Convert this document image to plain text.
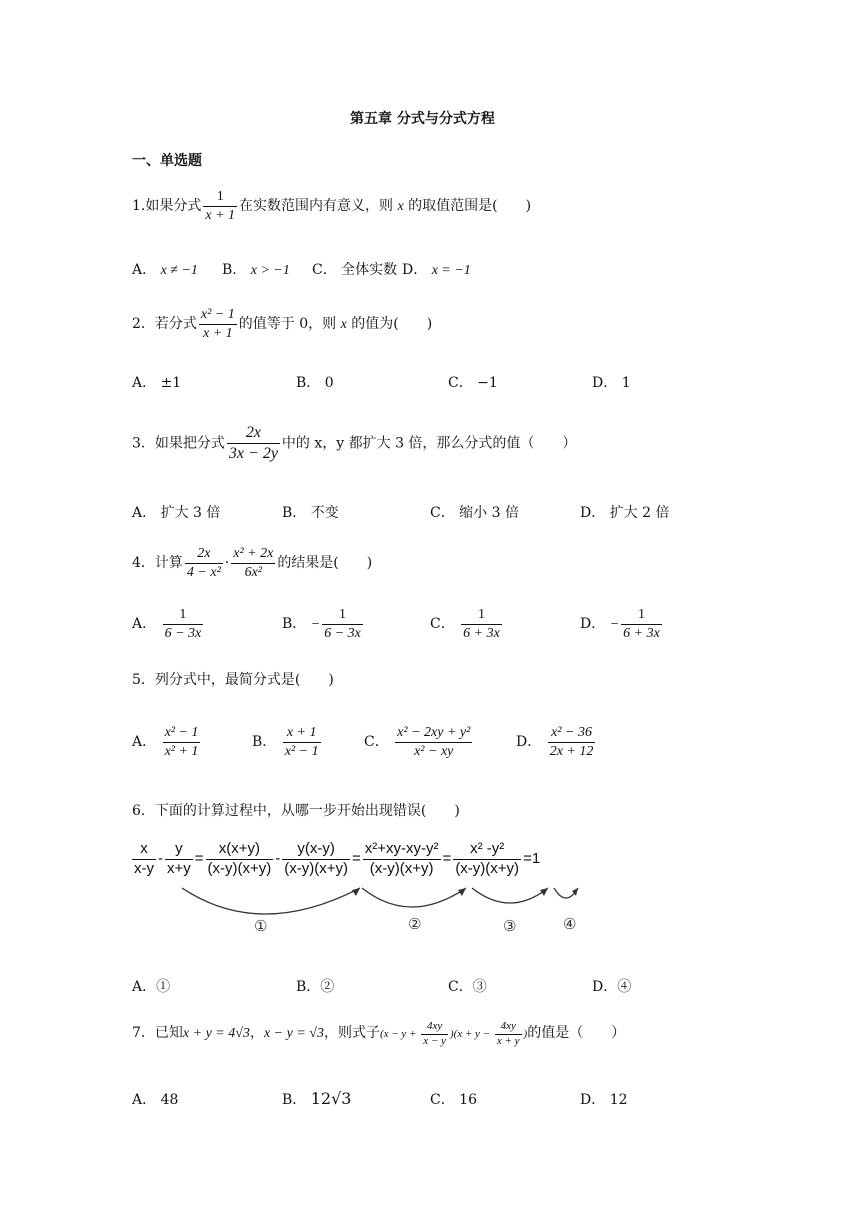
第五章 分式与分式方程
一、单选题
1.如果分式 $\frac{1}{x + 1}$ 在实数范围内有意义，则 x 的取值范围是(　　)
A． x ≠ −1 B． x > −1 C． 全体实数 D． x = −1
2．若分式 $\frac{\text{x² − 1}}{x + 1}$ 的值等于 0，则 x 的值为(　　)
A． ±1	B． 0	C． −1	D． 1
3．如果把分式 $\frac{2x}{3x - 2y}$ 中的 x，y 都扩大 3 倍，那么分式的值（　　）
A． 扩大 3 倍	B． 不变	C． 缩小 3 倍	D． 扩大 2 倍
4．计算 $\frac{2x}{\text{4 − x²}} \cdot \frac{\text{x² + 2x}}{\text{6x²}}$ 的结果是(　　)
A． $\frac{1}{6 - 3x}$	B． − $\frac{1}{6 - 3x}$	C． $\frac{1}{6 + 3x}$	D． − $\frac{1}{6 + 3x}$
5．列分式中，最简分式是(　　)
A． $\frac{\text{x² − 1}}{\text{x² + 1}}$	B． $\frac{x + 1}{\text{x² − 1}}$	C． $\frac{\text{x² − 2xy + y²}}{\text{x² − xy}}$	D． $\frac{\text{x² − 36}}{2x + 12}$
6．下面的计算过程中，从哪一步开始出现错误(　　)
$\frac{x}{x-y} - \frac{y}{x+y} = \frac{x(x+y)}{(x-y)(x+y)} - \frac{y(x-y)}{(x-y)(x+y)} = \frac{\text{x²+xy-xy-y²}}{(x-y)(x+y)} = \frac{\text{x² -y²}}{(x-y)(x+y)} =1$
①	②	③	④
A．①	B．②	C．③	D．④
7．已知x + y = 4√3，x − y = √3，则式子$(x - y + \frac{4xy}{x - y} )(x + y - \frac{4xy}{x + y}$ )的值是（　　）
A． 48	B． 12√3	C． 16	D． 12
